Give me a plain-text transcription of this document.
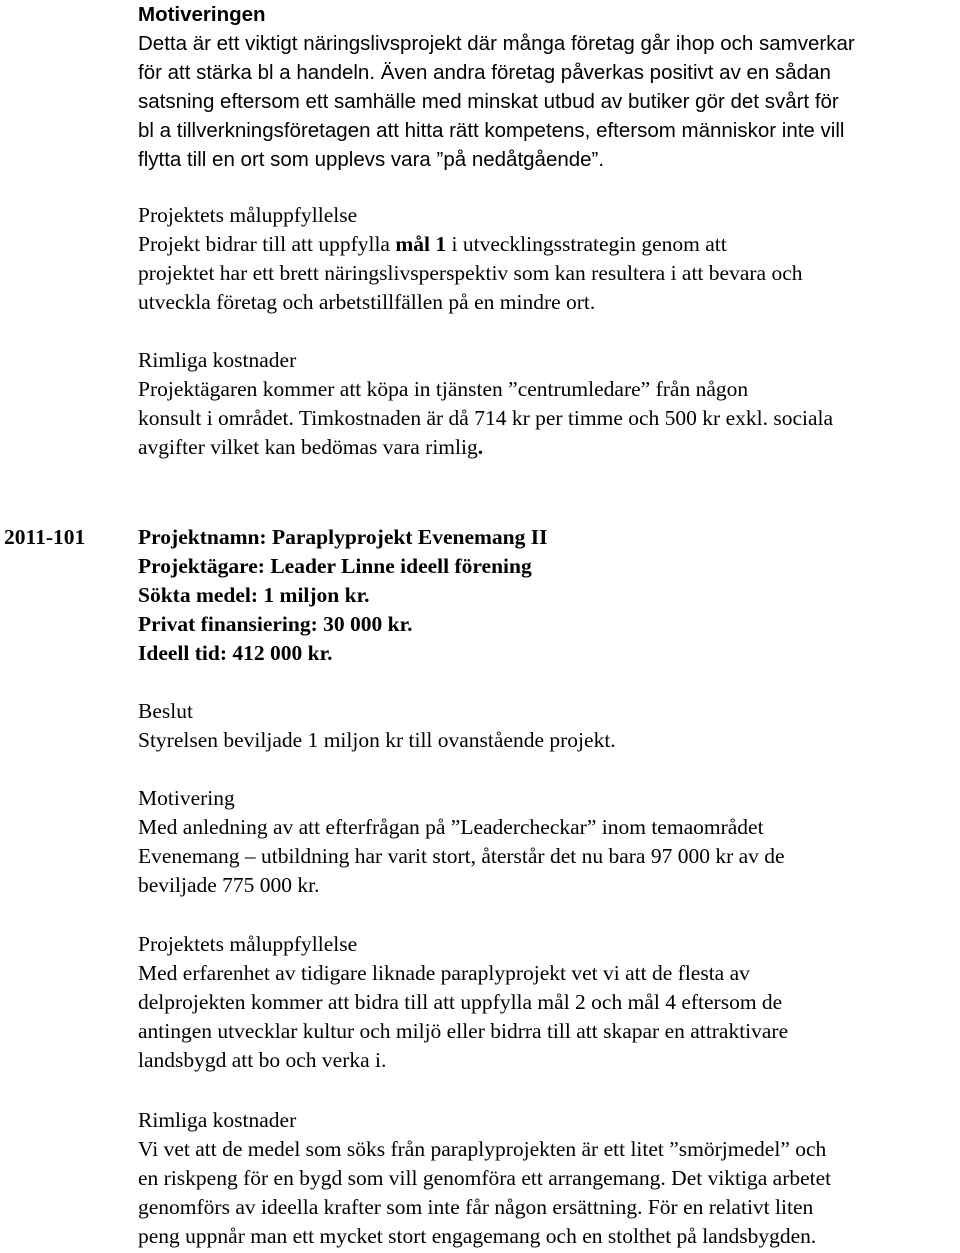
Motiveringen
Detta är ett viktigt näringslivsprojekt där många företag går ihop och samverkar
för att stärka bl a handeln. Även andra företag påverkas positivt av en sådan
satsning eftersom ett samhälle med minskat utbud av butiker gör det svårt för
bl a tillverkningsföretagen att hitta rätt kompetens, eftersom människor inte vill
flytta till en ort som upplevs vara ”på nedåtgående”.
Projektets måluppfyllelse
Projekt bidrar till att uppfylla mål 1 i utvecklingsstrategin genom att
projektet har ett brett näringslivsperspektiv som kan resultera i att bevara och
utveckla företag och arbetstillfällen på en mindre ort.
Rimliga kostnader
Projektägaren kommer att köpa in tjänsten ”centrumledare” från någon
konsult i området. Timkostnaden är då 714 kr per timme och 500 kr exkl. sociala
avgifter vilket kan bedömas vara rimlig.
2011-101 Projektnamn: Paraplyprojekt Evenemang II
Projektägare: Leader Linne ideell förening
Sökta medel: 1 miljon kr.
Privat finansiering: 30 000 kr.
Ideell tid: 412 000 kr.
Beslut
Styrelsen beviljade 1 miljon kr till ovanstående projekt.
Motivering
Med anledning av att efterfrågan på ”Leadercheckar” inom temaområdet
Evenemang – utbildning har varit stort, återstår det nu bara 97 000 kr av de
beviljade 775 000 kr.
Projektets måluppfyllelse
Med erfarenhet av tidigare liknade paraplyprojekt vet vi att de flesta av
delprojekten kommer att bidra till att uppfylla mål 2 och mål 4 eftersom de
antingen utvecklar kultur och miljö eller bidrra till att skapar en attraktivare
landsbygd att bo och verka i.
Rimliga kostnader
Vi vet att de medel som söks från paraplyprojekten är ett litet ”smörjmedel” och
en riskpeng för en bygd som vill genomföra ett arrangemang. Det viktiga arbetet
genomförs av ideella krafter som inte får någon ersättning. För en relativt liten
peng uppnår man ett mycket stort engagemang och en stolthet på landsbygden.
